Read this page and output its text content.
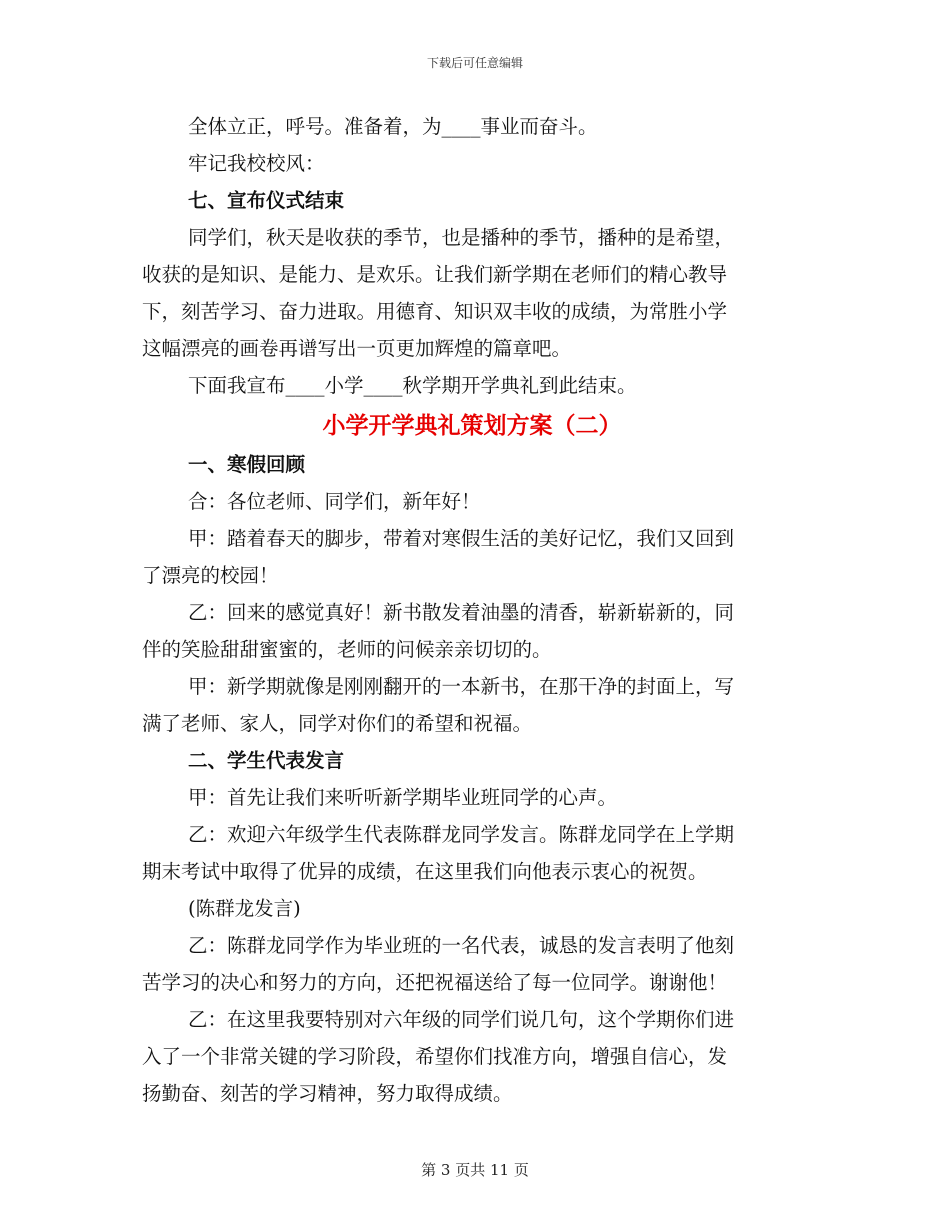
下载后可任意编辑
全体立正，呼号。准备着，为____事业而奋斗。
牢记我校校风：
七、宣布仪式结束
同学们，秋天是收获的季节，也是播种的季节，播种的是希望，
收获的是知识、是能力、是欢乐。让我们新学期在老师们的精心教导
下，刻苦学习、奋力进取。用德育、知识双丰收的成绩，为常胜小学
这幅漂亮的画卷再谱写出一页更加辉煌的篇章吧。
下面我宣布____小学____秋学期开学典礼到此结束。
小学开学典礼策划方案（二）
一、寒假回顾
合：各位老师、同学们，新年好！
甲：踏着春天的脚步，带着对寒假生活的美好记忆，我们又回到
了漂亮的校园！
乙：回来的感觉真好！新书散发着油墨的清香，崭新崭新的，同
伴的笑脸甜甜蜜蜜的，老师的问候亲亲切切的。
甲：新学期就像是刚刚翻开的一本新书，在那干净的封面上，写
满了老师、家人，同学对你们的希望和祝福。
二、学生代表发言
甲：首先让我们来听听新学期毕业班同学的心声。
乙：欢迎六年级学生代表陈群龙同学发言。陈群龙同学在上学期
期末考试中取得了优异的成绩，在这里我们向他表示衷心的祝贺。
(陈群龙发言)
乙：陈群龙同学作为毕业班的一名代表，诚恳的发言表明了他刻
苦学习的决心和努力的方向，还把祝福送给了每一位同学。谢谢他！
乙：在这里我要特别对六年级的同学们说几句，这个学期你们进
入了一个非常关键的学习阶段，希望你们找准方向，增强自信心，发
扬勤奋、刻苦的学习精神，努力取得成绩。
第 3 页共 11 页
